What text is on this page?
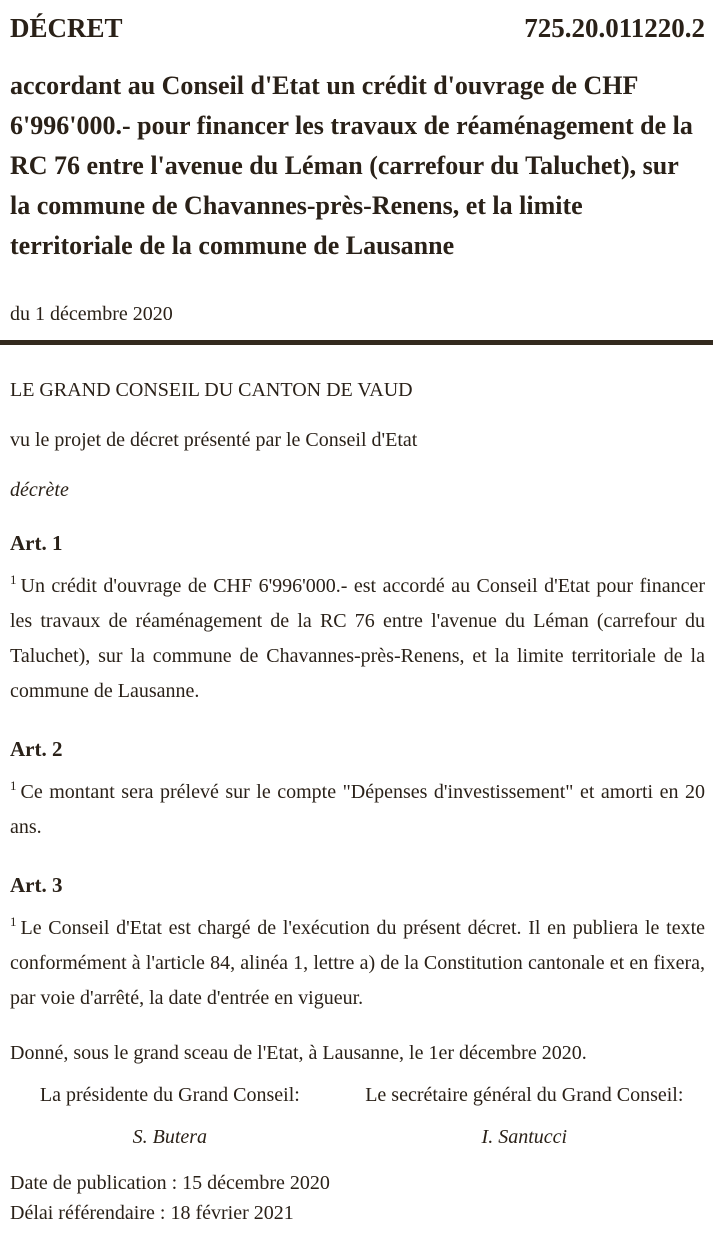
DÉCRET	725.20.011220.2
accordant au Conseil d'Etat un crédit d'ouvrage de CHF 6'996'000.- pour financer les travaux de réaménagement de la RC 76 entre l'avenue du Léman (carrefour du Taluchet), sur la commune de Chavannes-près-Renens, et la limite territoriale de la commune de Lausanne
du 1 décembre 2020
LE GRAND CONSEIL DU CANTON DE VAUD
vu le projet de décret présenté par le Conseil d'Etat
décrète
Art. 1
$^1$ Un crédit d'ouvrage de CHF 6'996'000.- est accordé au Conseil d'Etat pour financer les travaux de réaménagement de la RC 76 entre l'avenue du Léman (carrefour du Taluchet), sur la commune de Chavannes-près-Renens, et la limite territoriale de la commune de Lausanne.
Art. 2
$^1$ Ce montant sera prélevé sur le compte "Dépenses d'investissement" et amorti en 20 ans.
Art. 3
$^1$ Le Conseil d'Etat est chargé de l'exécution du présent décret. Il en publiera le texte conformément à l'article 84, alinéa 1, lettre a) de la Constitution cantonale et en fixera, par voie d'arrêté, la date d'entrée en vigueur.
Donné, sous le grand sceau de l'Etat, à Lausanne, le 1er décembre 2020.
La présidente du Grand Conseil:
S. Butera
Le secrétaire général du Grand Conseil:
I. Santucci
Date de publication : 15 décembre 2020
Délai référendaire : 18 février 2021
